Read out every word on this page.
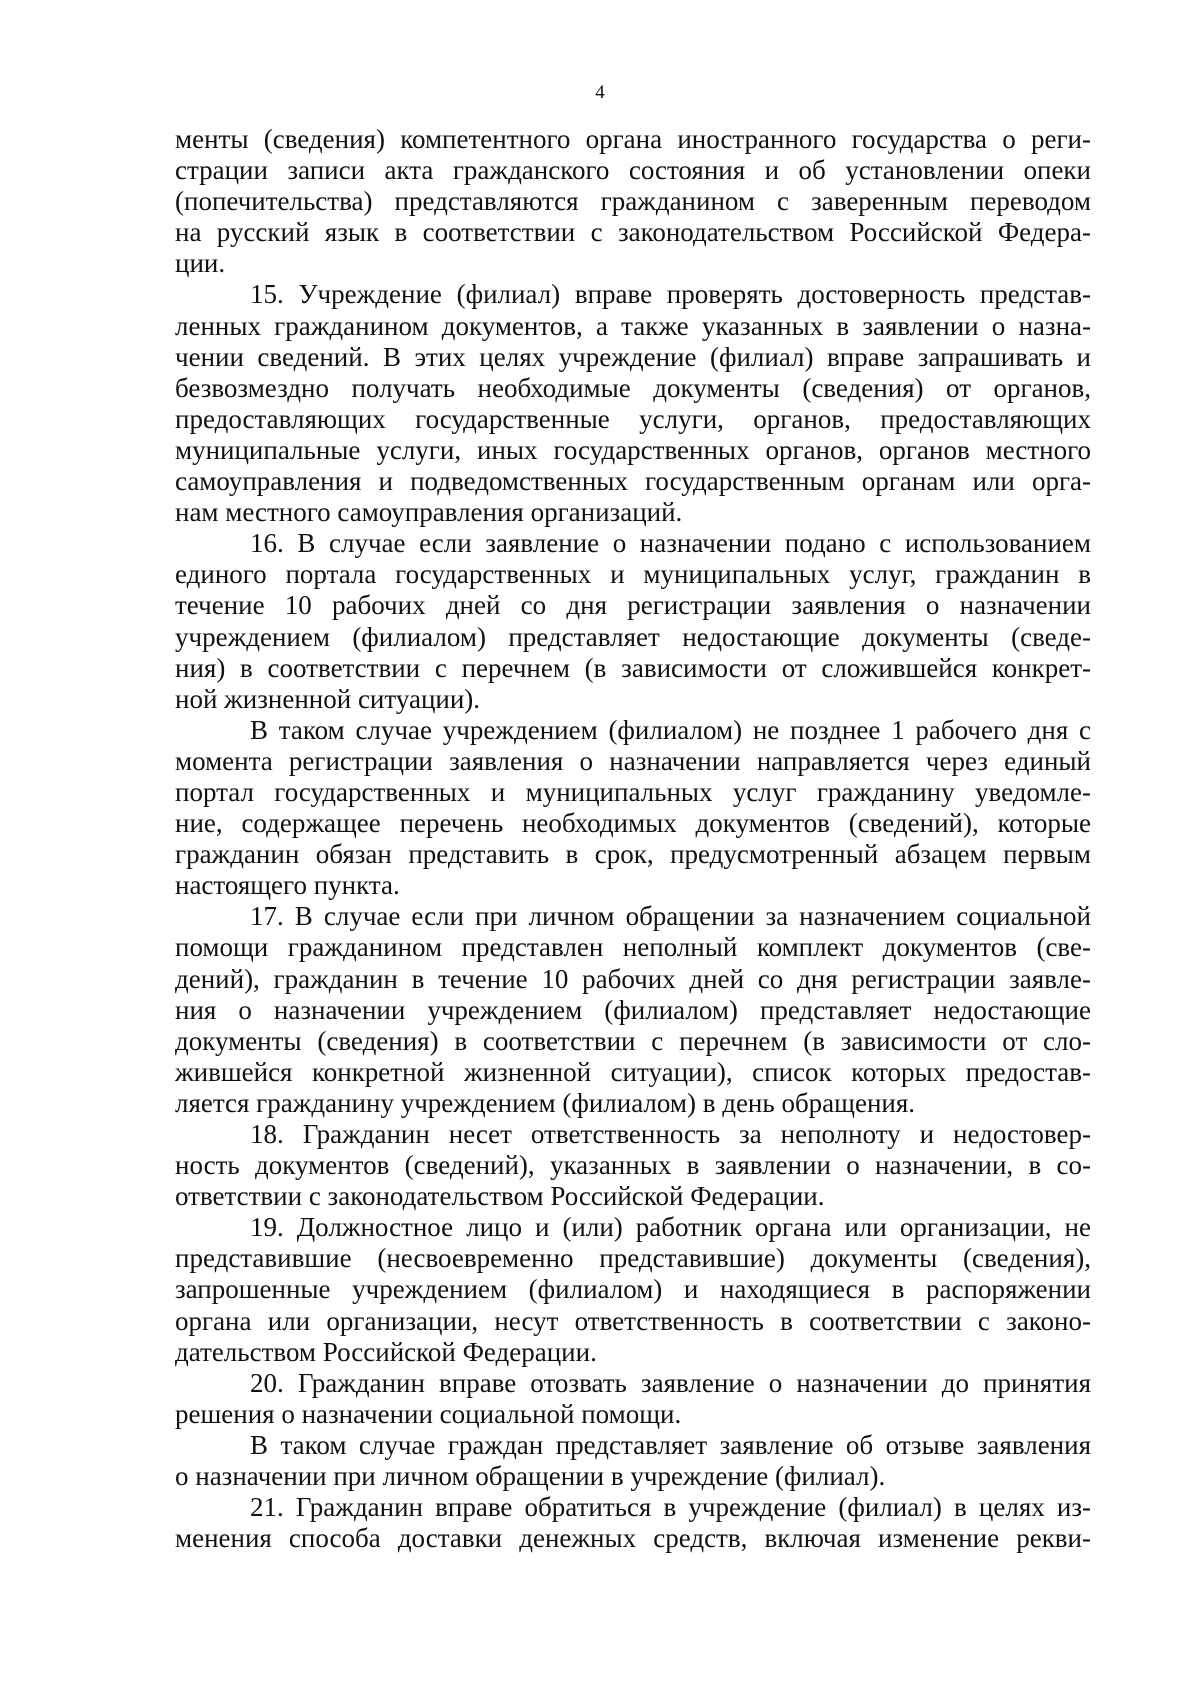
4
менты (сведения) компетентного органа иностранного государства о реги-
страции записи акта гражданского состояния и об установлении опеки
(попечительства) представляются гражданином с заверенным переводом
на русский язык в соответствии с законодательством Российской Федера-
ции.
15. Учреждение (филиал) вправе проверять достоверность представ-
ленных гражданином документов, а также указанных в заявлении о назна-
чении сведений. В этих целях учреждение (филиал) вправе запрашивать и
безвозмездно получать необходимые документы (сведения) от органов,
предоставляющих государственные услуги, органов, предоставляющих
муниципальные услуги, иных государственных органов, органов местного
самоуправления и подведомственных государственным органам или орга-
нам местного самоуправления организаций.
16. В случае если заявление о назначении подано с использованием
единого портала государственных и муниципальных услуг, гражданин в
течение 10 рабочих дней со дня регистрации заявления о назначении
учреждением (филиалом) представляет недостающие документы (сведе-
ния) в соответствии с перечнем (в зависимости от сложившейся конкрет-
ной жизненной ситуации).
В таком случае учреждением (филиалом) не позднее 1 рабочего дня с
момента регистрации заявления о назначении направляется через единый
портал государственных и муниципальных услуг гражданину уведомле-
ние, содержащее перечень необходимых документов (сведений), которые
гражданин обязан представить в срок, предусмотренный абзацем первым
настоящего пункта.
17. В случае если при личном обращении за назначением социальной
помощи гражданином представлен неполный комплект документов (све-
дений), гражданин в течение 10 рабочих дней со дня регистрации заявле-
ния о назначении учреждением (филиалом) представляет недостающие
документы (сведения) в соответствии с перечнем (в зависимости от сло-
жившейся конкретной жизненной ситуации), список которых предостав-
ляется гражданину учреждением (филиалом) в день обращения.
18. Гражданин несет ответственность за неполноту и недостовер-
ность документов (сведений), указанных в заявлении о назначении, в со-
ответствии с законодательством Российской Федерации.
19. Должностное лицо и (или) работник органа или организации, не
представившие (несвоевременно представившие) документы (сведения),
запрошенные учреждением (филиалом) и находящиеся в распоряжении
органа или организации, несут ответственность в соответствии с законо-
дательством Российской Федерации.
20. Гражданин вправе отозвать заявление о назначении до принятия
решения о назначении социальной помощи.
В таком случае граждан представляет заявление об отзыве заявления
о назначении при личном обращении в учреждение (филиал).
21. Гражданин вправе обратиться в учреждение (филиал) в целях из-
менения способа доставки денежных средств, включая изменение рекви-
